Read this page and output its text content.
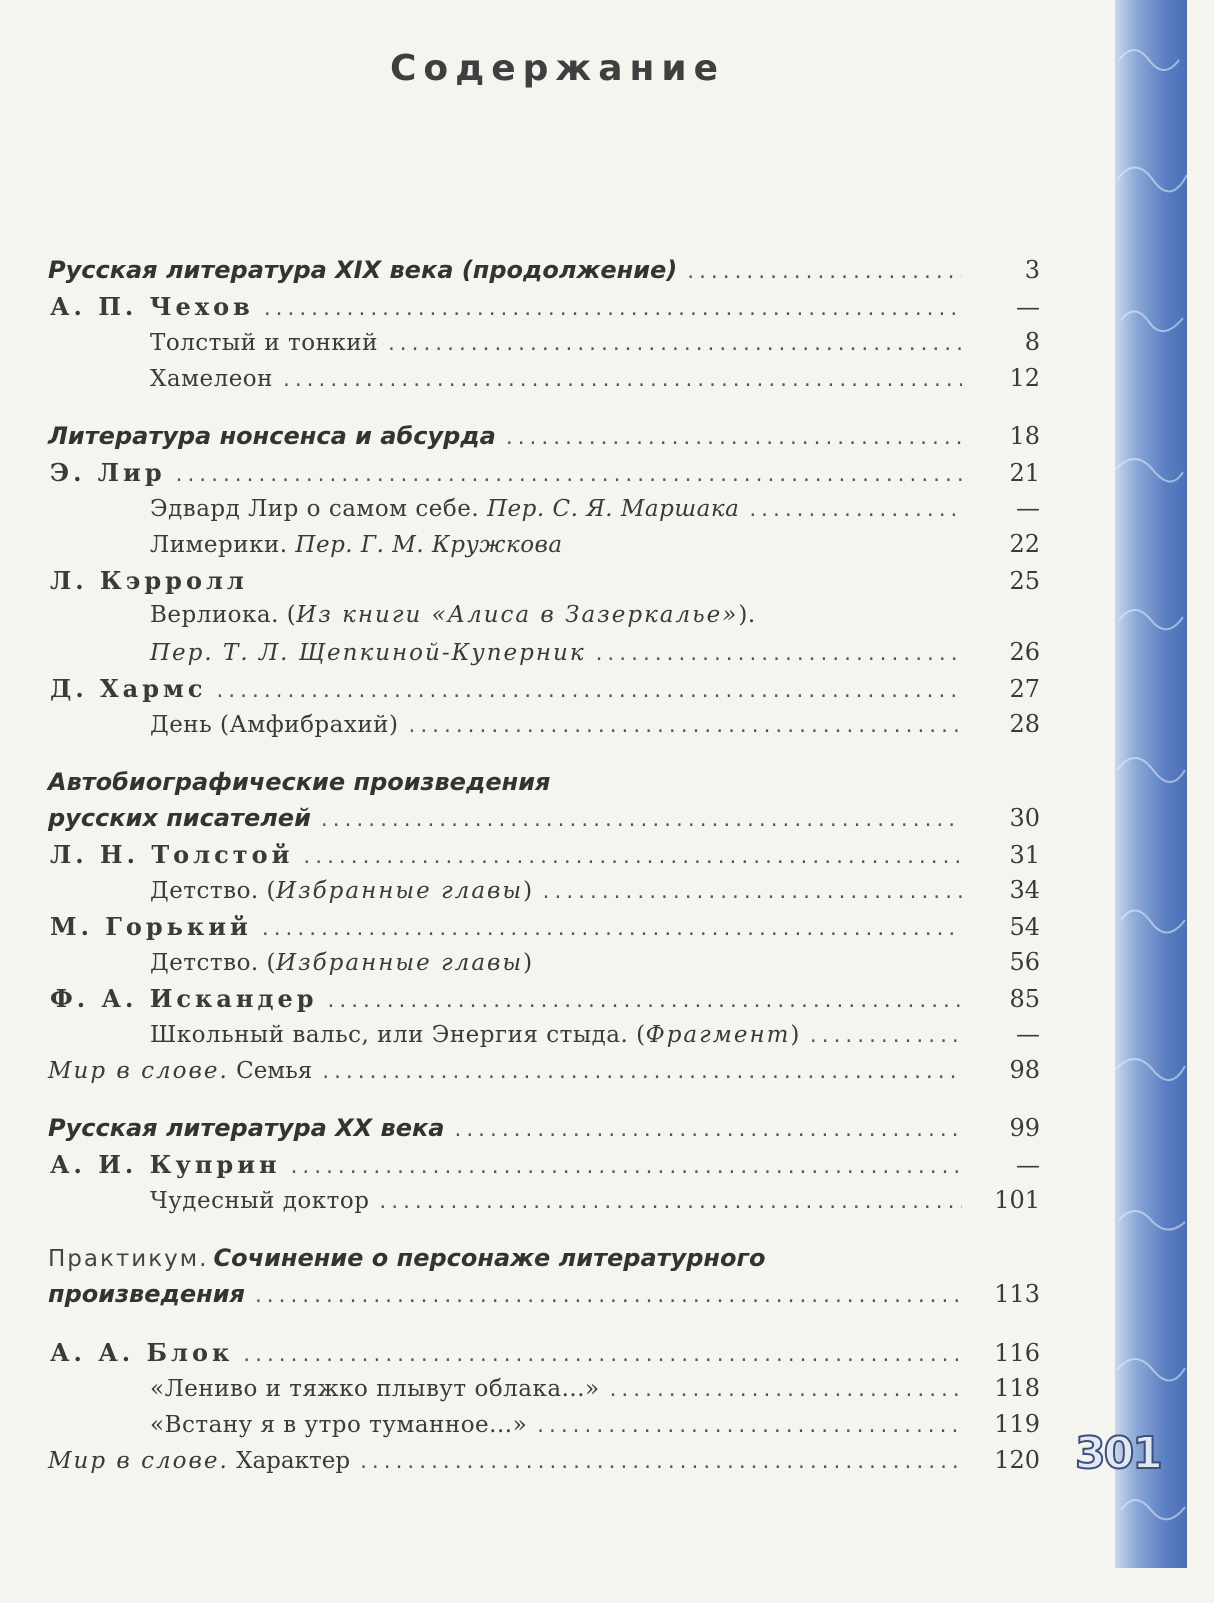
Содержание
Русская литература XIX века (продолжение) .....	3
А. П. Чехов .....	—
Толстый и тонкий .....	8
Хамелеон .....	12
Литература нонсенса и абсурда .....	18
Э. Лир .....	21
Эдвард Лир о самом себе. Пер. С. Я. Маршака .....	—
Лимерики. Пер. Г. М. Кружкова	22
Л. Кэрролл	25
Верлиока. (Из книги «Алиса в Зазеркалье»).
Пер. Т. Л. Щепкиной-Куперник .....	26
Д. Хармс .....	27
День (Амфибрахий) .....	28
Автобиографические произведения
русских писателей .....	30
Л. Н. Толстой .....	31
Детство. (Избранные главы) .....	34
М. Горький .....	54
Детство. (Избранные главы)	56
Ф. А. Искандер .....	85
Школьный вальс, или Энергия стыда. (Фрагмент) .....	—
Мир в слове. Семья .....	98
Русская литература XX века .....	99
А. И. Куприн .....	—
Чудесный доктор .....	101
Практикум. Сочинение о персонаже литературного
произведения .....	113
А. А. Блок .....	116
«Лениво и тяжко плывут облака...» .....	118
«Встану я в утро туманное...» .....	119
Мир в слове. Характер .....	120 301
